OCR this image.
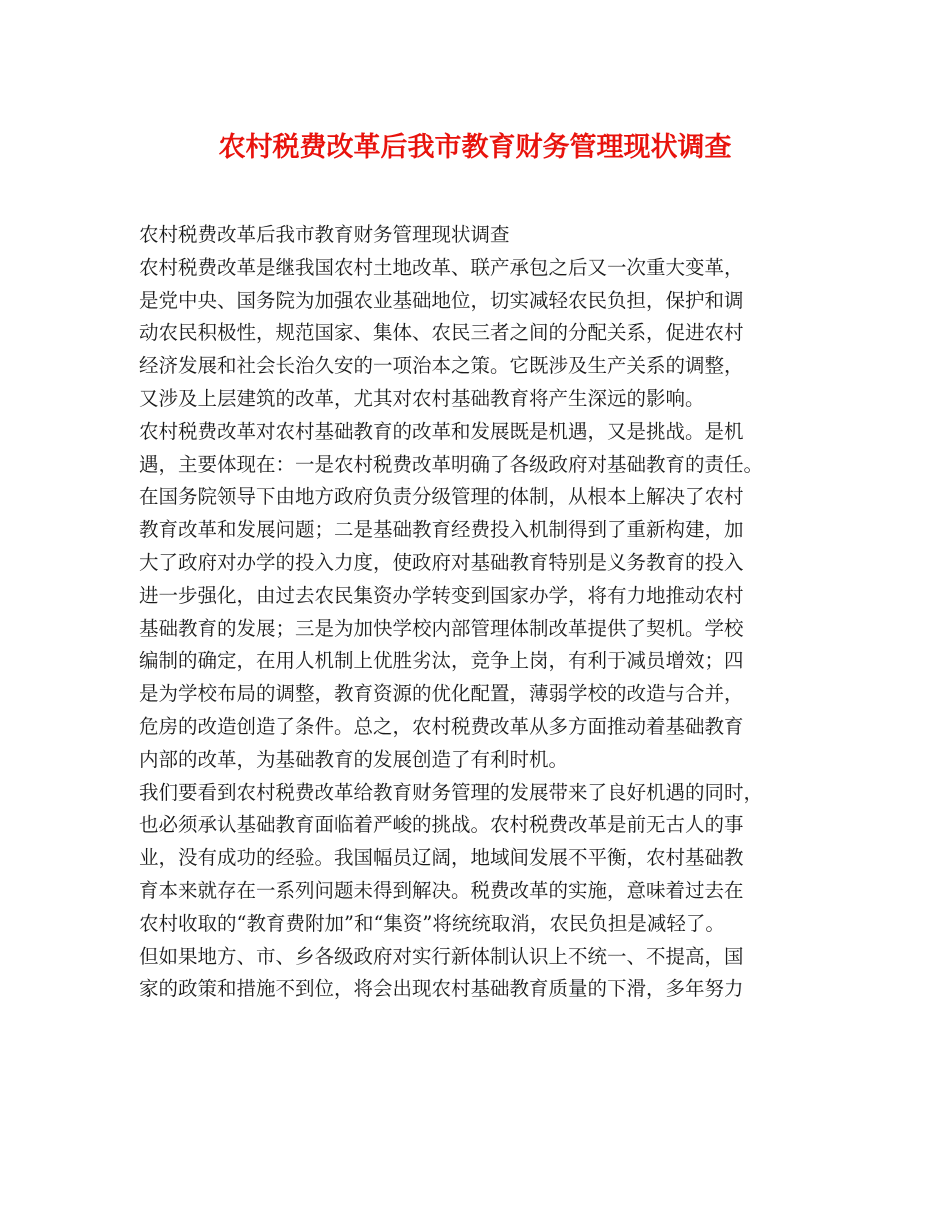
农村税费改革后我市教育财务管理现状调查
农村税费改革后我市教育财务管理现状调查
农村税费改革是继我国农村土地改革、联产承包之后又一次重大变革，
是党中央、国务院为加强农业基础地位，切实减轻农民负担，保护和调
动农民积极性，规范国家、集体、农民三者之间的分配关系，促进农村
经济发展和社会长治久安的一项治本之策。它既涉及生产关系的调整，
又涉及上层建筑的改革，尤其对农村基础教育将产生深远的影响。
农村税费改革对农村基础教育的改革和发展既是机遇，又是挑战。是机
遇，主要体现在：一是农村税费改革明确了各级政府对基础教育的责任。
在国务院领导下由地方政府负责分级管理的体制，从根本上解决了农村
教育改革和发展问题；二是基础教育经费投入机制得到了重新构建，加
大了政府对办学的投入力度，使政府对基础教育特别是义务教育的投入
进一步强化，由过去农民集资办学转变到国家办学，将有力地推动农村
基础教育的发展；三是为加快学校内部管理体制改革提供了契机。学校
编制的确定，在用人机制上优胜劣汰，竞争上岗，有利于减员增效；四
是为学校布局的调整，教育资源的优化配置，薄弱学校的改造与合并，
危房的改造创造了条件。总之，农村税费改革从多方面推动着基础教育
内部的改革，为基础教育的发展创造了有利时机。
我们要看到农村税费改革给教育财务管理的发展带来了良好机遇的同时，
也必须承认基础教育面临着严峻的挑战。农村税费改革是前无古人的事
业，没有成功的经验。我国幅员辽阔，地域间发展不平衡，农村基础教
育本来就存在一系列问题未得到解决。税费改革的实施，意味着过去在
农村收取的“教育费附加”和“集资”将统统取消，农民负担是减轻了。
但如果地方、市、乡各级政府对实行新体制认识上不统一、不提高，国
家的政策和措施不到位，将会出现农村基础教育质量的下滑，多年努力
